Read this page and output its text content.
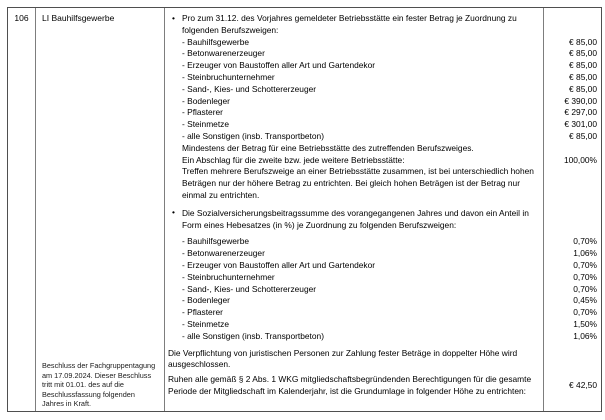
106	LI Bauhilfsgewerbe
Beschluss der Fachgruppentagung am 17.09.2024. Dieser Beschluss tritt mit 01.01. des auf die Beschlussfassung folgenden Jahres in Kraft.
• Pro zum 31.12. des Vorjahres gemeldeter Betriebsstätte ein fester Betrag je Zuordnung zu folgenden Berufszweigen:
- Bauhilfsgewerbe	€ 85,00
- Betonwarenerzeuger	€ 85,00
- Erzeuger von Baustoffen aller Art und Gartendekor	€ 85,00
- Steinbruchunternehmer	€ 85,00
- Sand-, Kies- und Schottererzeuger	€ 85,00
- Bodenleger	€ 390,00
- Pflasterer	€ 297,00
- Steinmetze	€ 301,00
- alle Sonstigen (insb. Transportbeton)	€ 85,00
Mindestens der Betrag für eine Betriebsstätte des zutreffenden Berufszweiges.
Ein Abschlag für die zweite bzw. jede weitere Betriebsstätte:	100,00%
Treffen mehrere Berufszweige an einer Betriebsstätte zusammen, ist bei unterschiedlich hohen Beträgen nur der höhere Betrag zu entrichten. Bei gleich hohen Beträgen ist der Betrag nur einmal zu entrichten.
• Die Sozialversicherungsbeitragssumme des vorangegangenen Jahres und davon ein Anteil in Form eines Hebesatzes (in %) je Zuordnung zu folgenden Berufszweigen:
- Bauhilfsgewerbe	0,70%
- Betonwarenerzeuger	1,06%
- Erzeuger von Baustoffen aller Art und Gartendekor	0,70%
- Steinbruchunternehmer	0,70%
- Sand-, Kies- und Schottererzeuger	0,70%
- Bodenleger	0,45%
- Pflasterer	0,70%
- Steinmetze	1,50%
- alle Sonstigen (insb. Transportbeton)	1,06%
Die Verpflichtung von juristischen Personen zur Zahlung fester Beträge in doppelter Höhe wird ausgeschlossen.
Ruhen alle gemäß § 2 Abs. 1 WKG mitgliedschaftsbegründenden Berechtigungen für die gesamte Periode der Mitgliedschaft im Kalenderjahr, ist die Grundumlage in folgender Höhe zu entrichten:
€ 42,50
